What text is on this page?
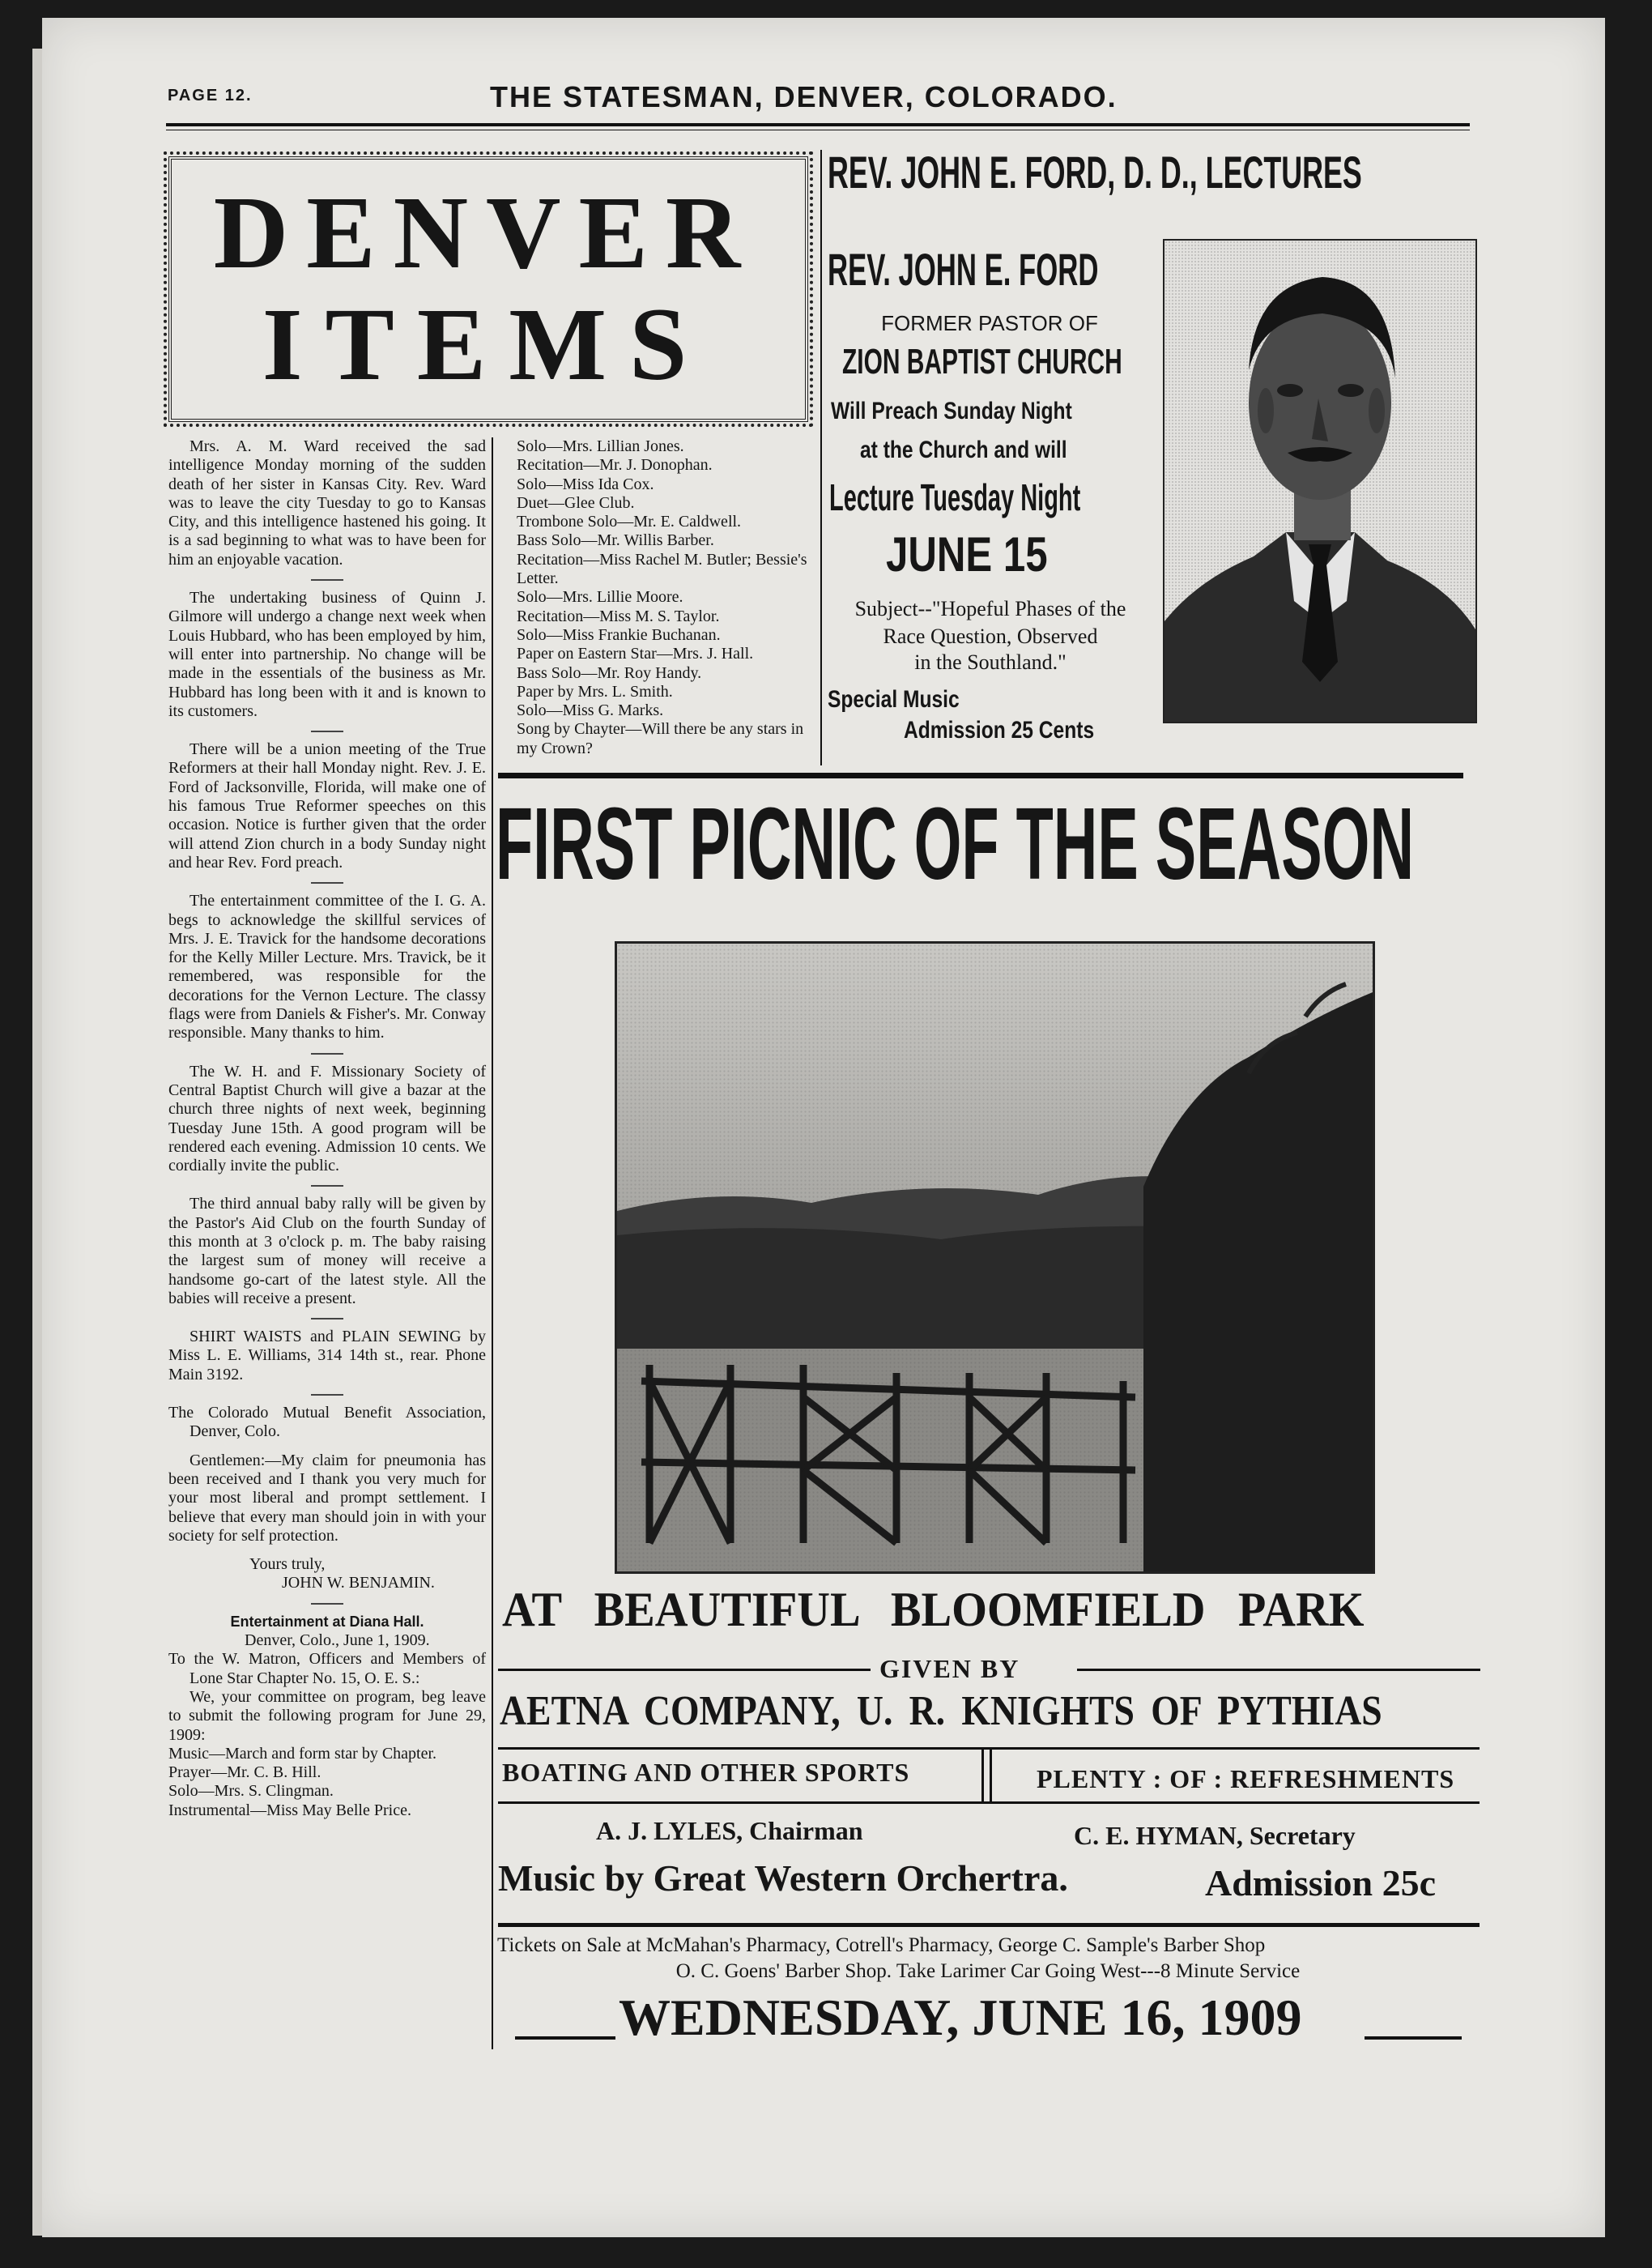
PAGE 12.	THE STATESMAN, DENVER, COLORADO.
DENVER
ITEMS

Mrs. A. M. Ward received the sad intelligence Monday morning of the sudden death of her sister in Kansas City. Rev. Ward was to leave the city Tuesday to go to Kansas City, and this intelligence hastened his going. It is a sad beginning to what was to have been for him an enjoyable vacation.

The undertaking business of Quinn J. Gilmore will undergo a change next week when Louis Hubbard, who has been employed by him, will enter into partnership. No change will be made in the essentials of the business as Mr. Hubbard has long been with it and is known to its customers.

There will be a union meeting of the True Reformers at their hall Monday night. Rev. J. E. Ford of Jacksonville, Florida, will make one of his famous True Reformer speeches on this occasion. Notice is further given that the order will attend Zion church in a body Sunday night and hear Rev. Ford preach.

The entertainment committee of the I. G. A. begs to acknowledge the skillful services of Mrs. J. E. Travick for the handsome decorations for the Kelly Miller Lecture. Mrs. Travick, be it remembered, was responsible for the decorations for the Vernon Lecture. The classy flags were from Daniels & Fisher's. Mr. Conway responsible. Many thanks to him.

The W. H. and F. Missionary Society of Central Baptist Church will give a bazar at the church three nights of next week, beginning Tuesday June 15th. A good program will be rendered each evening. Admission 10 cents. We cordially invite the public.

The third annual baby rally will be given by the Pastor's Aid Club on the fourth Sunday of this month at 3 o'clock p. m. The baby raising the largest sum of money will receive a handsome go-cart of the latest style. All the babies will receive a present.

SHIRT WAISTS and PLAIN SEWING by Miss L. E. Williams, 314 14th st., rear. Phone Main 3192.

The Colorado Mutual Benefit Association, Denver, Colo.

Gentlemen:—My claim for pneumonia has been received and I thank you very much for your most liberal and prompt settlement. I believe that every man should join in with your society for self protection.

Yours truly,
JOHN W. BENJAMIN.
Entertainment at Diana Hall.
Denver, Colo., June 1, 1909.

To the W. Matron, Officers and Members of Lone Star Chapter No. 15, O. E. S.:

We, your committee on program, beg leave to submit the following program for June 29, 1909:

Music—March and form star by Chapter.
Prayer—Mr. C. B. Hill.
Solo—Mrs. S. Clingman.
Instrumental—Miss May Belle Price.
Solo—Mrs. Lillian Jones.
Recitation—Mr. J. Donophan.
Solo—Miss Ida Cox.
Duet—Glee Club.
Trombone Solo—Mr. E. Caldwell.
Bass Solo—Mr. Willis Barber.
Recitation—Miss Rachel M. Butler; Bessie's Letter.
Solo—Mrs. Lillie Moore.
Recitation—Miss M. S. Taylor.
Solo—Miss Frankie Buchanan.
Paper on Eastern Star—Mrs. J. Hall.
Bass Solo—Mr. Roy Handy.
Paper by Mrs. L. Smith.
Solo—Miss G. Marks.
Song by Chayter—Will there be any stars in my Crown?
REV. JOHN E. FORD, D. D., LECTURES
REV. JOHN E. FORD
FORMER PASTOR OF
ZION BAPTIST CHURCH
Will Preach Sunday Night
at the Church and will
Lecture Tuesday Night
JUNE 15
Subject--"Hopeful Phases of the
Race Question, Observed
in the Southland."
Special Music
Admission 25 Cents
FIRST PICNIC OF THE SEASON
AT BEAUTIFUL BLOOMFIELD PARK
GIVEN BY
AETNA COMPANY, U. R. KNIGHTS OF PYTHIAS
BOATING AND OTHER SPORTS	PLENTY : OF : REFRESHMENTS
A. J. LYLES, Chairman	C. E. HYMAN, Secretary
Music by Great Western Orchertra.	Admission 25c
Tickets on Sale at McMahan's Pharmacy, Cotrell's Pharmacy, George C. Sample's Barber Shop
O. C. Goens' Barber Shop. Take Larimer Car Going West---8 Minute Service
WEDNESDAY, JUNE 16, 1909
